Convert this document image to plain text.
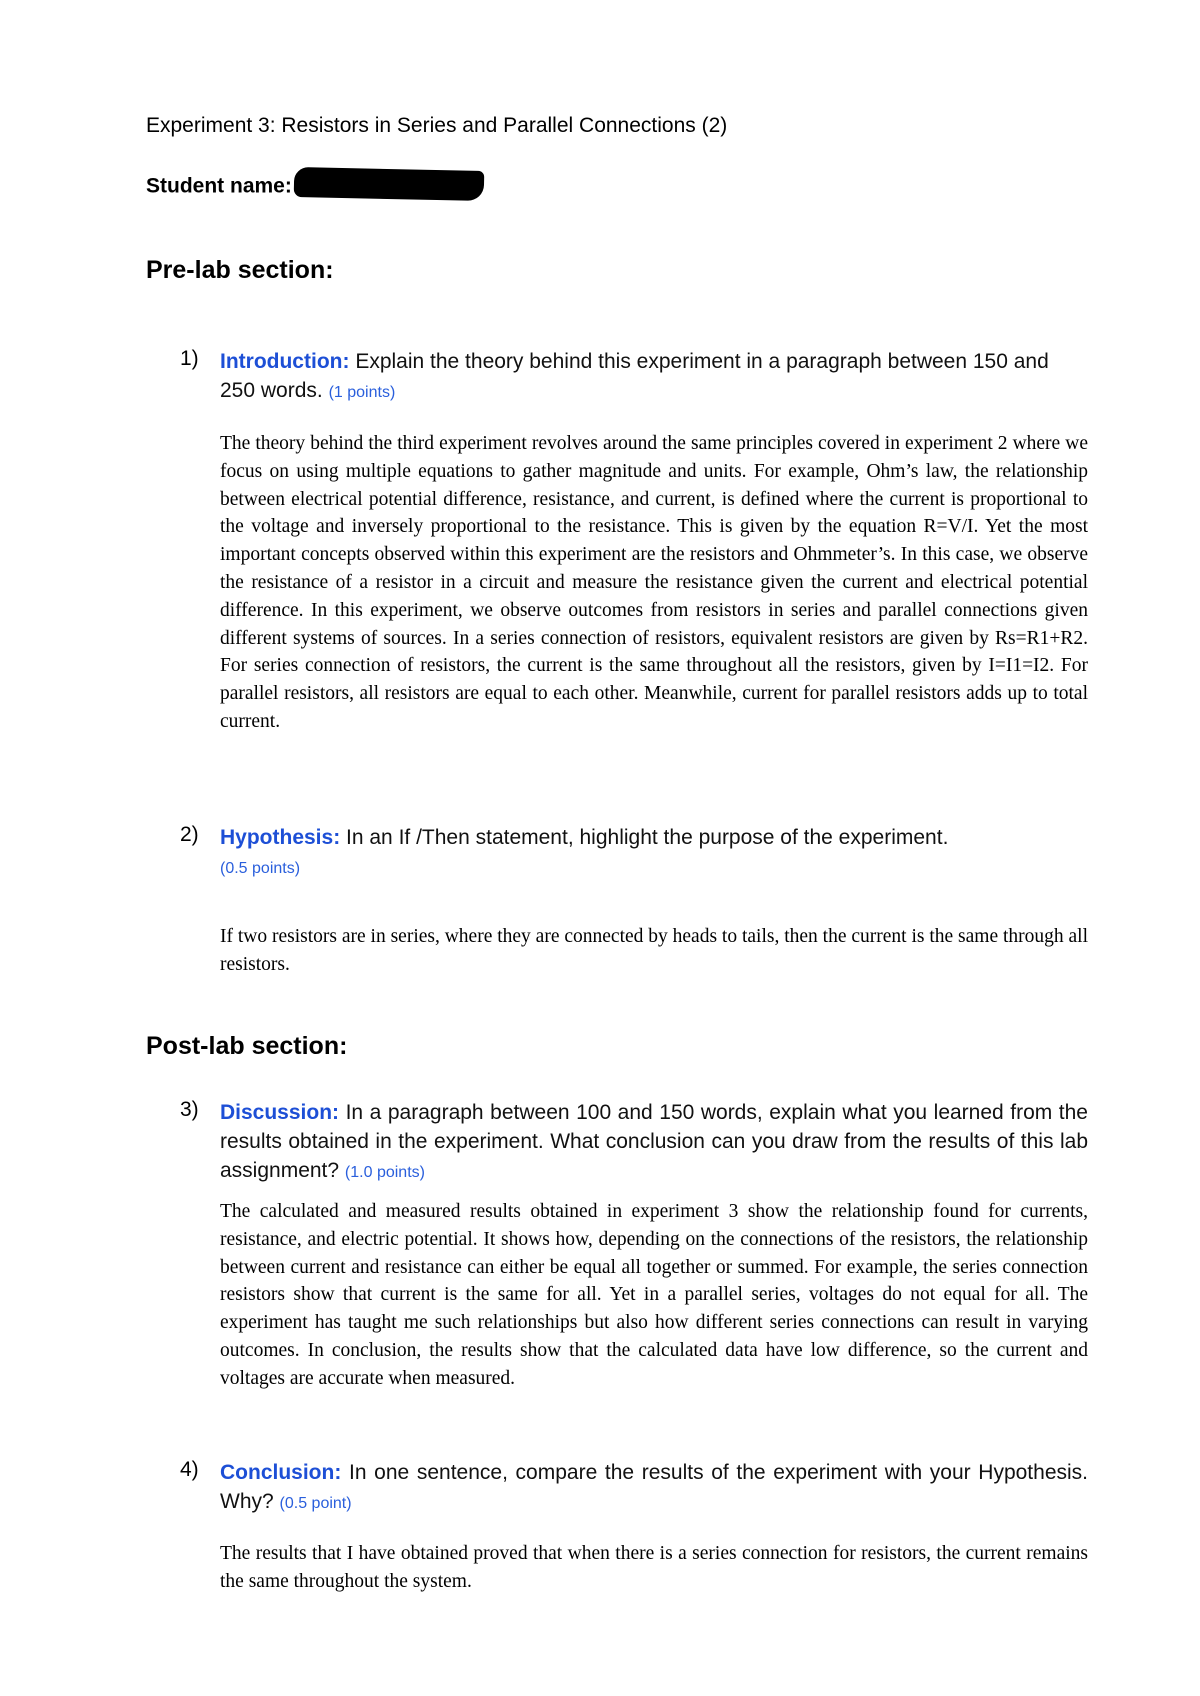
Experiment 3: Resistors in Series and Parallel Connections (2)
Student name:
Pre-lab section:
1) Introduction: Explain the theory behind this experiment in a paragraph between 150 and 250 words. (1 points)
The theory behind the third experiment revolves around the same principles covered in experiment 2 where we focus on using multiple equations to gather magnitude and units. For example, Ohm’s law, the relationship between electrical potential difference, resistance, and current, is defined where the current is proportional to the voltage and inversely proportional to the resistance. This is given by the equation R=V/I. Yet the most important concepts observed within this experiment are the resistors and Ohmmeter’s. In this case, we observe the resistance of a resistor in a circuit and measure the resistance given the current and electrical potential difference. In this experiment, we observe outcomes from resistors in series and parallel connections given different systems of sources. In a series connection of resistors, equivalent resistors are given by Rs=R1+R2. For series connection of resistors, the current is the same throughout all the resistors, given by I=I1=I2. For parallel resistors, all resistors are equal to each other. Meanwhile, current for parallel resistors adds up to total current.
2) Hypothesis: In an If /Then statement, highlight the purpose of the experiment.
(0.5 points)
If two resistors are in series, where they are connected by heads to tails, then the current is the same through all resistors.
Post-lab section:
3) Discussion: In a paragraph between 100 and 150 words, explain what you learned from the results obtained in the experiment. What conclusion can you draw from the results of this lab assignment? (1.0 points)
The calculated and measured results obtained in experiment 3 show the relationship found for currents, resistance, and electric potential. It shows how, depending on the connections of the resistors, the relationship between current and resistance can either be equal all together or summed. For example, the series connection resistors show that current is the same for all. Yet in a parallel series, voltages do not equal for all. The experiment has taught me such relationships but also how different series connections can result in varying outcomes. In conclusion, the results show that the calculated data have low difference, so the current and voltages are accurate when measured.
4) Conclusion: In one sentence, compare the results of the experiment with your Hypothesis. Why? (0.5 point)
The results that I have obtained proved that when there is a series connection for resistors, the current remains the same throughout the system.
